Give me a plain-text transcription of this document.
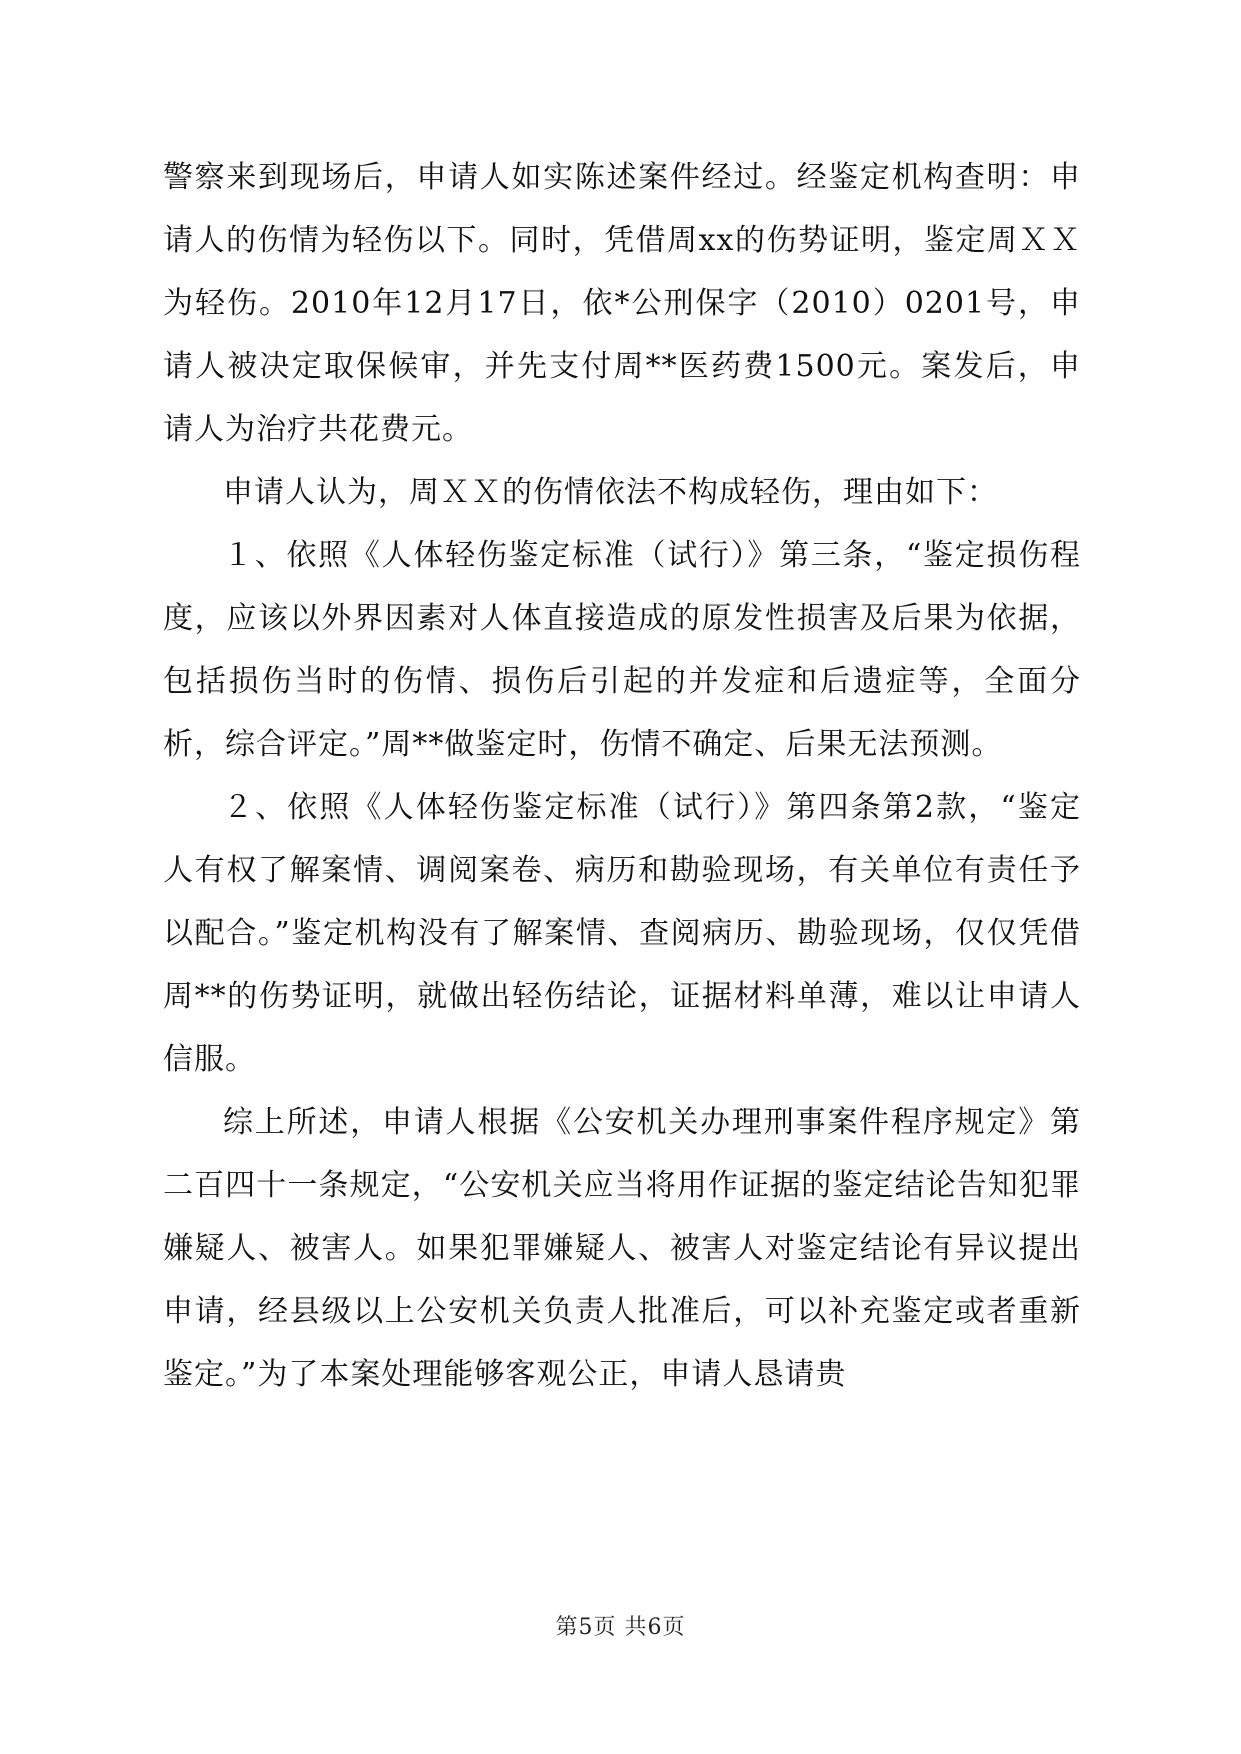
警察来到现场后，申请人如实陈述案件经过。经鉴定机构查明：申请人的伤情为轻伤以下。同时，凭借周xx的伤势证明，鉴定周ＸＸ为轻伤。2010年12月17日，依*公刑保字（2010）0201号，申请人被决定取保候审，并先支付周**医药费1500元。案发后，申请人为治疗共花费元。

申请人认为，周ＸＸ的伤情依法不构成轻伤，理由如下：

１、依照《人体轻伤鉴定标准（试行）》第三条，“鉴定损伤程度，应该以外界因素对人体直接造成的原发性损害及后果为依据，包括损伤当时的伤情、损伤后引起的并发症和后遗症等，全面分析，综合评定。”周**做鉴定时，伤情不确定、后果无法预测。

２、依照《人体轻伤鉴定标准（试行）》第四条第2款，“鉴定人有权了解案情、调阅案卷、病历和勘验现场，有关单位有责任予以配合。”鉴定机构没有了解案情、查阅病历、勘验现场，仅仅凭借周**的伤势证明，就做出轻伤结论，证据材料单薄，难以让申请人信服。

综上所述，申请人根据《公安机关办理刑事案件程序规定》第二百四十一条规定，“公安机关应当将用作证据的鉴定结论告知犯罪嫌疑人、被害人。如果犯罪嫌疑人、被害人对鉴定结论有异议提出申请，经县级以上公安机关负责人批准后，可以补充鉴定或者重新鉴定。”为了本案处理能够客观公正，申请人恳请贵

第5页 共6页
